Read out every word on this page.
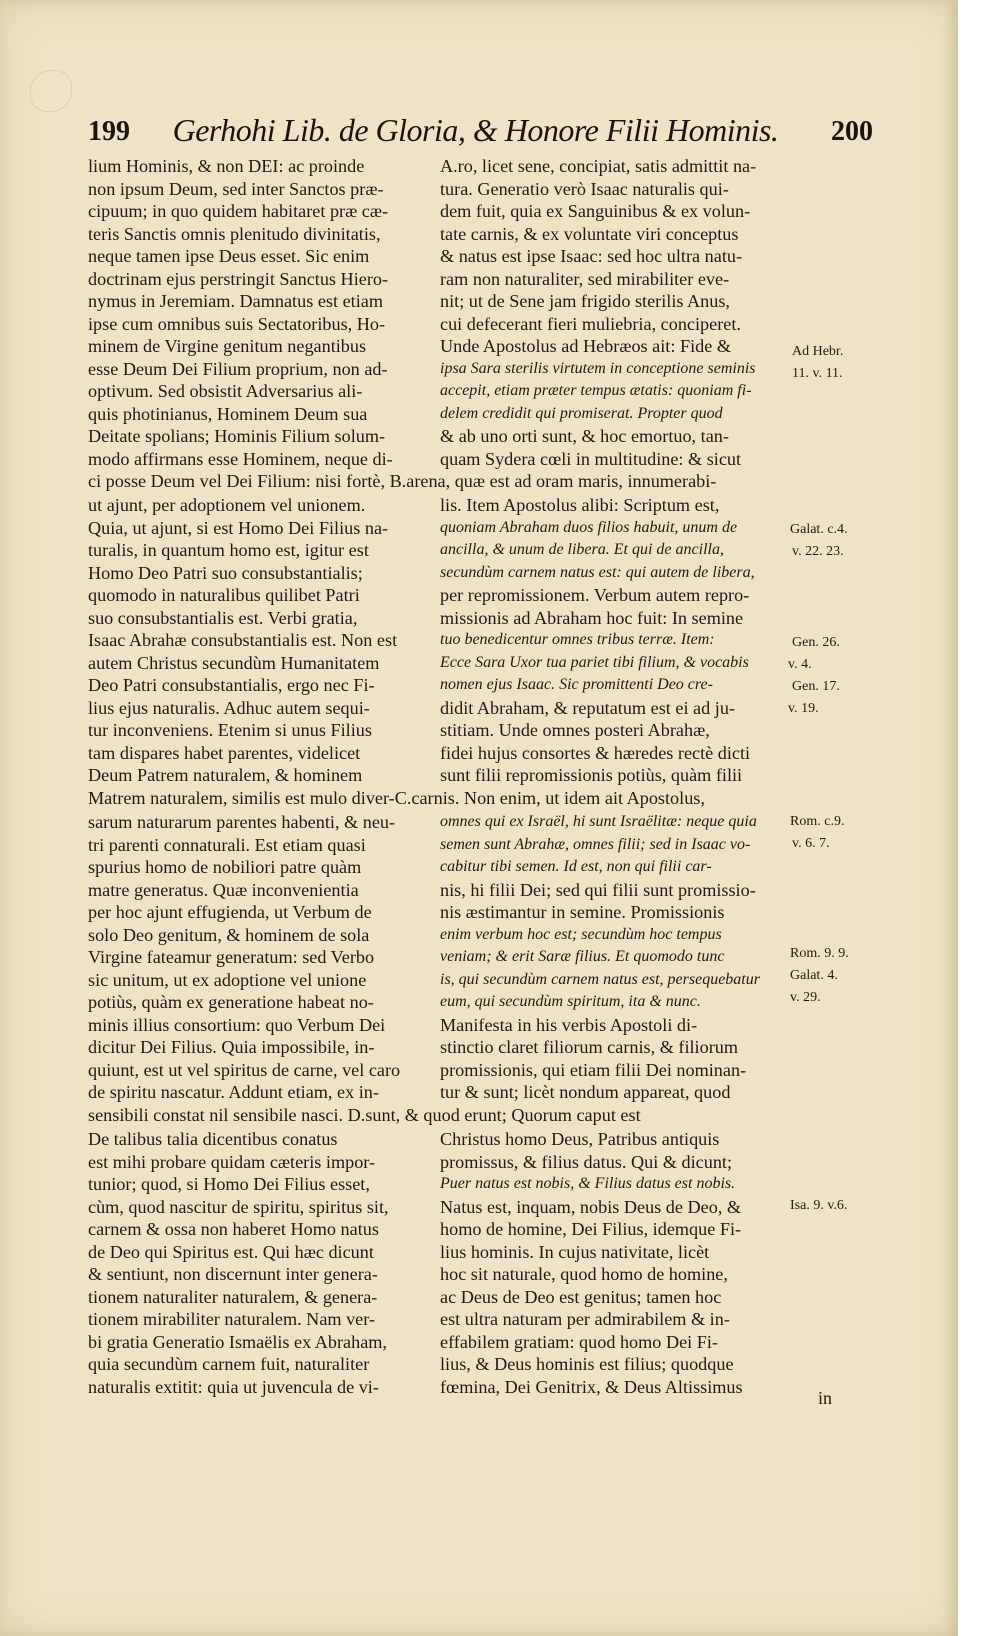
199	Gerhohi Lib. de Gloria, & Honore Filii Hominis.	200
lium Hominis, & non DEI: ac proinde
non ipsum Deum, sed inter Sanctos præ-
cipuum; in quo quidem habitaret præ cæ-
teris Sanctis omnis plenitudo divinitatis,
neque tamen ipse Deus esset. Sic enim
doctrinam ejus perstringit Sanctus Hiero-
nymus in Jeremiam. Damnatus est etiam
ipse cum omnibus suis Sectatoribus, Ho-
minem de Virgine genitum negantibus
esse Deum Dei Filium proprium, non ad-
optivum. Sed obsistit Adversarius ali-
quis photinianus, Hominem Deum sua
Deitate spolians; Hominis Filium solum-
modo affirmans esse Hominem, neque di-
A.ro, licet sene, concipiat, satis admittit na-
tura. Generatio verò Isaac naturalis qui-
dem fuit, quia ex Sanguinibus & ex volun-
tate carnis, & ex voluntate viri conceptus
& natus est ipse Isaac: sed hoc ultra natu-
ram non naturaliter, sed mirabiliter eve-
nit; ut de Sene jam frigido sterilis Anus,
cui defecerant fieri muliebria, conciperet.
Unde Apostolus ad Hebræos ait: Fide &
ipsa Sara sterilis virtutem in conceptione seminis
accepit, etiam præter tempus ætatis: quoniam fi-
delem credidit qui promiserat. Propter quod
& ab uno orti sunt, & hoc emortuo, tan-
quam Sydera cœli in multitudine: & sicut
ci posse Deum vel Dei Filium: nisi fortè, B.arena, quæ est ad oram maris, innumerabi-
ut ajunt, per adoptionem vel unionem.
Quia, ut ajunt, si est Homo Dei Filius na-
turalis, in quantum homo est, igitur est
Homo Deo Patri suo consubstantialis;
quomodo in naturalibus quilibet Patri
suo consubstantialis est. Verbi gratia,
Isaac Abrahæ consubstantialis est. Non est
autem Christus secundùm Humanitatem
Deo Patri consubstantialis, ergo nec Fi-
lius ejus naturalis. Adhuc autem sequi-
tur inconveniens. Etenim si unus Filius
tam dispares habet parentes, videlicet
Deum Patrem naturalem, & hominem
lis. Item Apostolus alibi: Scriptum est,
quoniam Abraham duos filios habuit, unum de
ancilla, & unum de libera. Et qui de ancilla,
secundùm carnem natus est: qui autem de libera,
per repromissionem. Verbum autem repro-
missionis ad Abraham hoc fuit: In semine
tuo benedicentur omnes tribus terræ. Item:
Ecce Sara Uxor tua pariet tibi filium, & vocabis
nomen ejus Isaac. Sic promittenti Deo cre-
didit Abraham, & reputatum est ei ad ju-
stitiam. Unde omnes posteri Abrahæ,
fidei hujus consortes & hæredes rectè dicti
sunt filii repromissionis potiùs, quàm filii
Matrem naturalem, similis est mulo diver-C.carnis. Non enim, ut idem ait Apostolus,
sarum naturarum parentes habenti, & neu-
tri parenti connaturali. Est etiam quasi
spurius homo de nobiliori patre quàm
matre generatus. Quæ inconvenientia
per hoc ajunt effugienda, ut Verbum de
solo Deo genitum, & hominem de sola
Virgine fateamur generatum: sed Verbo
sic unitum, ut ex adoptione vel unione
potiùs, quàm ex generatione habeat no-
minis illius consortium: quo Verbum Dei
dicitur Dei Filius. Quia impossibile, in-
quiunt, est ut vel spiritus de carne, vel caro
de spiritu nascatur. Addunt etiam, ex in-
omnes qui ex Israël, hi sunt Israëlitæ: neque quia
semen sunt Abrahæ, omnes filii; sed in Isaac vo-
cabitur tibi semen. Id est, non qui filii car-
nis, hi filii Dei; sed qui filii sunt promissio-
nis æstimantur in semine. Promissionis
enim verbum hoc est; secundùm hoc tempus
veniam; & erit Saræ filius. Et quomodo tunc
is, qui secundùm carnem natus est, persequebatur
eum, qui secundùm spiritum, ita & nunc.
Manifesta in his verbis Apostoli di-
stinctio claret filiorum carnis, & filiorum
promissionis, qui etiam filii Dei nominan-
tur & sunt; licèt nondum appareat, quod
sensibili constat nil sensibile nasci. D.sunt, & quod erunt; Quorum caput est
De talibus talia dicentibus conatus
est mihi probare quidam cæteris impor-
tunior; quod, si Homo Dei Filius esset,
cùm, quod nascitur de spiritu, spiritus sit,
carnem & ossa non haberet Homo natus
de Deo qui Spiritus est. Qui hæc dicunt
& sentiunt, non discernunt inter genera-
tionem naturaliter naturalem, & genera-
tionem mirabiliter naturalem. Nam ver-
bi gratia Generatio Ismaëlis ex Abraham,
quia secundùm carnem fuit, naturaliter
naturalis extitit: quia ut juvencula de vi-
Christus homo Deus, Patribus antiquis
promissus, & filius datus. Qui & dicunt;
Puer natus est nobis, & Filius datus est nobis.
Natus est, inquam, nobis Deus de Deo, &
homo de homine, Dei Filius, idemque Fi-
lius hominis. In cujus nativitate, licèt
hoc sit naturale, quod homo de homine,
ac Deus de Deo est genitus; tamen hoc
est ultra naturam per admirabilem & in-
effabilem gratiam: quod homo Dei Fi-
lius, & Deus hominis est filius; quodque
fœmina, Dei Genitrix, & Deus Altissimus
Ad Hebr.
11. v. 11.
Galat. c.4.
v. 22. 23.
Gen. 26.
v. 4.
Gen. 17.
v. 19.
Rom. c.9.
v. 6. 7.
Rom. 9. 9.
Galat. 4.
v. 29.
Isa. 9. v.6.
in
